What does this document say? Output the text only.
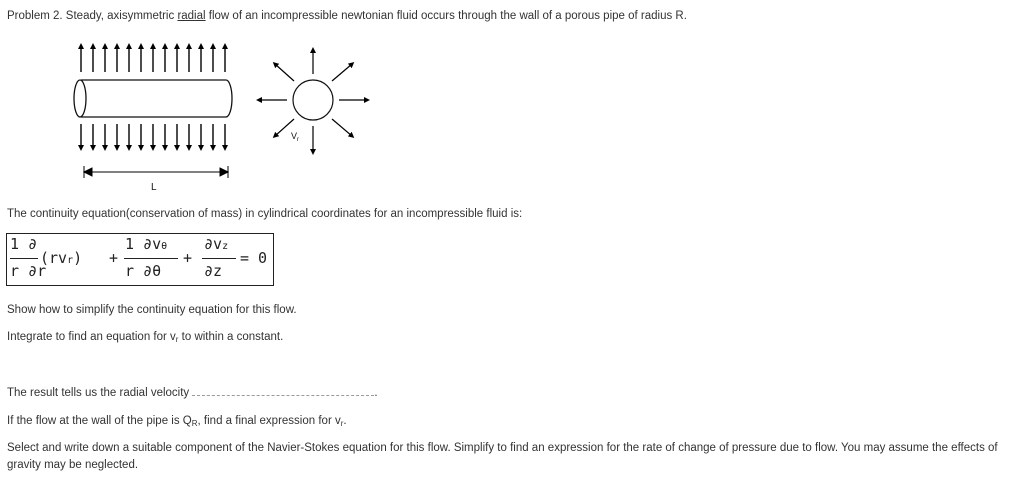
Problem 2. Steady, axisymmetric radial flow of an incompressible newtonian fluid occurs through the wall of a porous pipe of radius R.
L
$V_r$
The continuity equation(conservation of mass) in cylindrical coordinates for an incompressible fluid is:
1 ∂
r ∂r
(rvr) +
1 ∂vθ
r ∂θ
+
∂vz
∂z
= 0
Show how to simplify the continuity equation for this flow.
Integrate to find an equation for $v_r$ to within a constant.
The result tells us the radial velocity	.
If the flow at the wall of the pipe is $Q_R$, find a final expression for $v_r$.
Select and write down a suitable component of the Navier-Stokes equation for this flow. Simplify to find an expression for the rate of change of pressure due to flow. You may assume the effects of gravity may be neglected.
